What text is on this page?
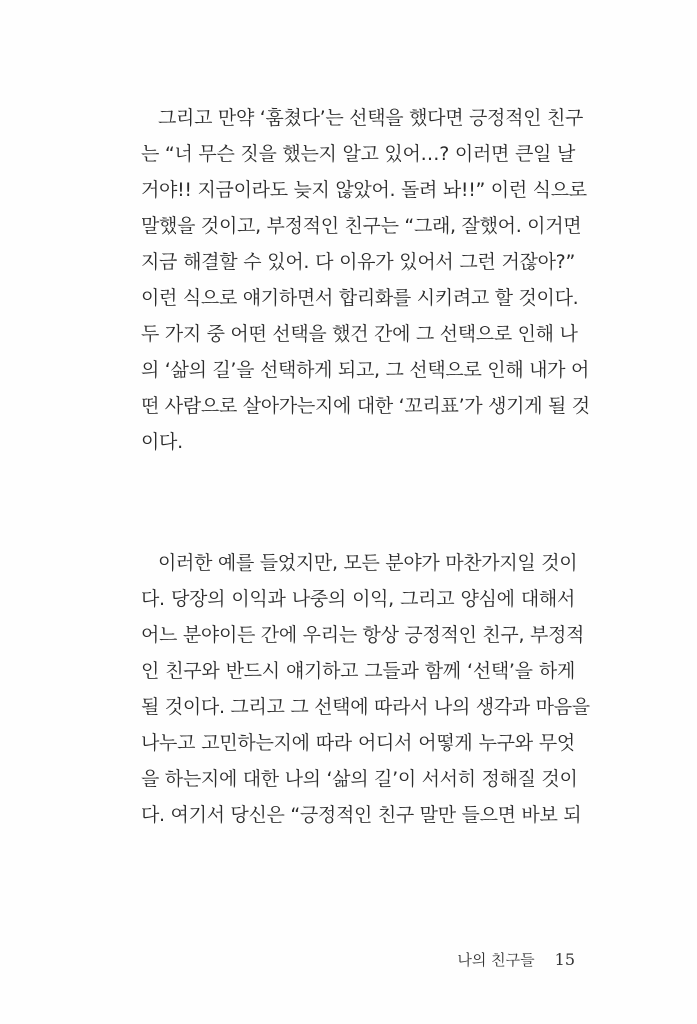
그리고 만약 ‘훔쳤다’는 선택을 했다면 긍정적인 친구
는 “너 무슨 짓을 했는지 알고 있어…? 이러면 큰일 날
거야!! 지금이라도 늦지 않았어. 돌려 놔!!” 이런 식으로
말했을 것이고, 부정적인 친구는 “그래, 잘했어. 이거면
지금 해결할 수 있어. 다 이유가 있어서 그런 거잖아?”
이런 식으로 얘기하면서 합리화를 시키려고 할 것이다.
두 가지 중 어떤 선택을 했건 간에 그 선택으로 인해 나
의 ‘삶의 길’을 선택하게 되고, 그 선택으로 인해 내가 어
떤 사람으로 살아가는지에 대한 ‘꼬리표’가 생기게 될 것
이다.
이러한 예를 들었지만, 모든 분야가 마찬가지일 것이
다. 당장의 이익과 나중의 이익, 그리고 양심에 대해서
어느 분야이든 간에 우리는 항상 긍정적인 친구, 부정적
인 친구와 반드시 얘기하고 그들과 함께 ‘선택’을 하게
될 것이다. 그리고 그 선택에 따라서 나의 생각과 마음을
나누고 고민하는지에 따라 어디서 어떻게 누구와 무엇
을 하는지에 대한 나의 ‘삶의 길’이 서서히 정해질 것이
다. 여기서 당신은 “긍정적인 친구 말만 들으면 바보 되
나의 친구들 15
